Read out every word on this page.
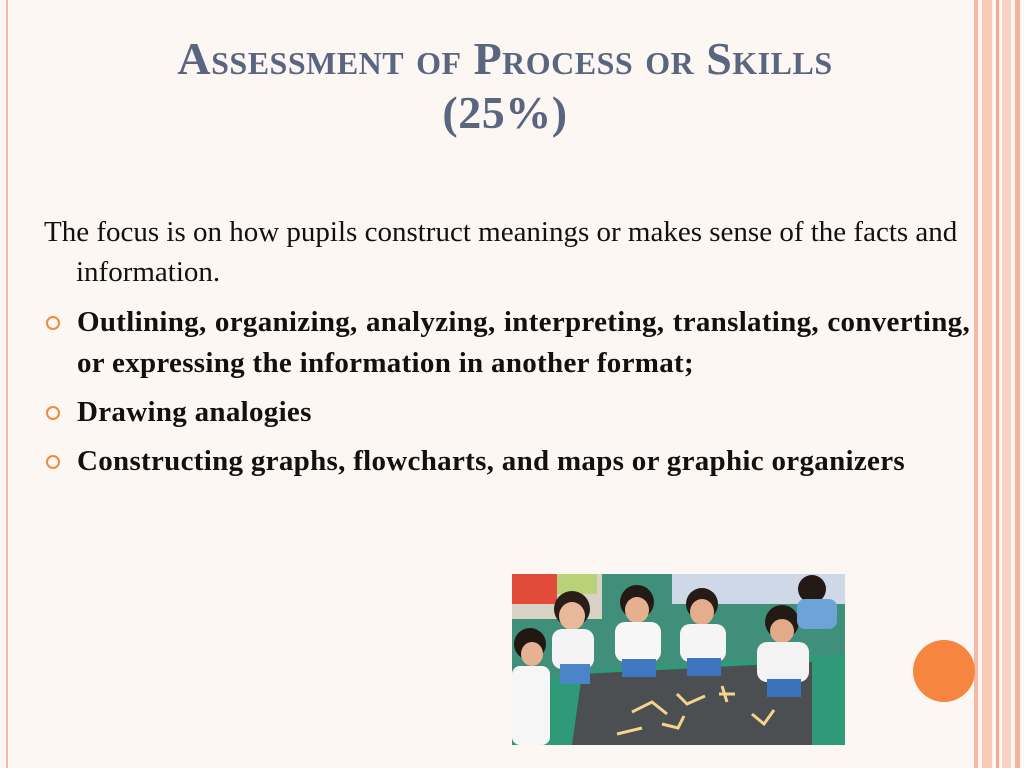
Assessment of Process or Skills
(25%)
The focus is on how pupils construct meanings or makes sense of the facts and information.
Outlining, organizing, analyzing, interpreting, translating, converting, or expressing the information in another format;
Drawing analogies
Constructing graphs, flowcharts, and maps or graphic organizers
